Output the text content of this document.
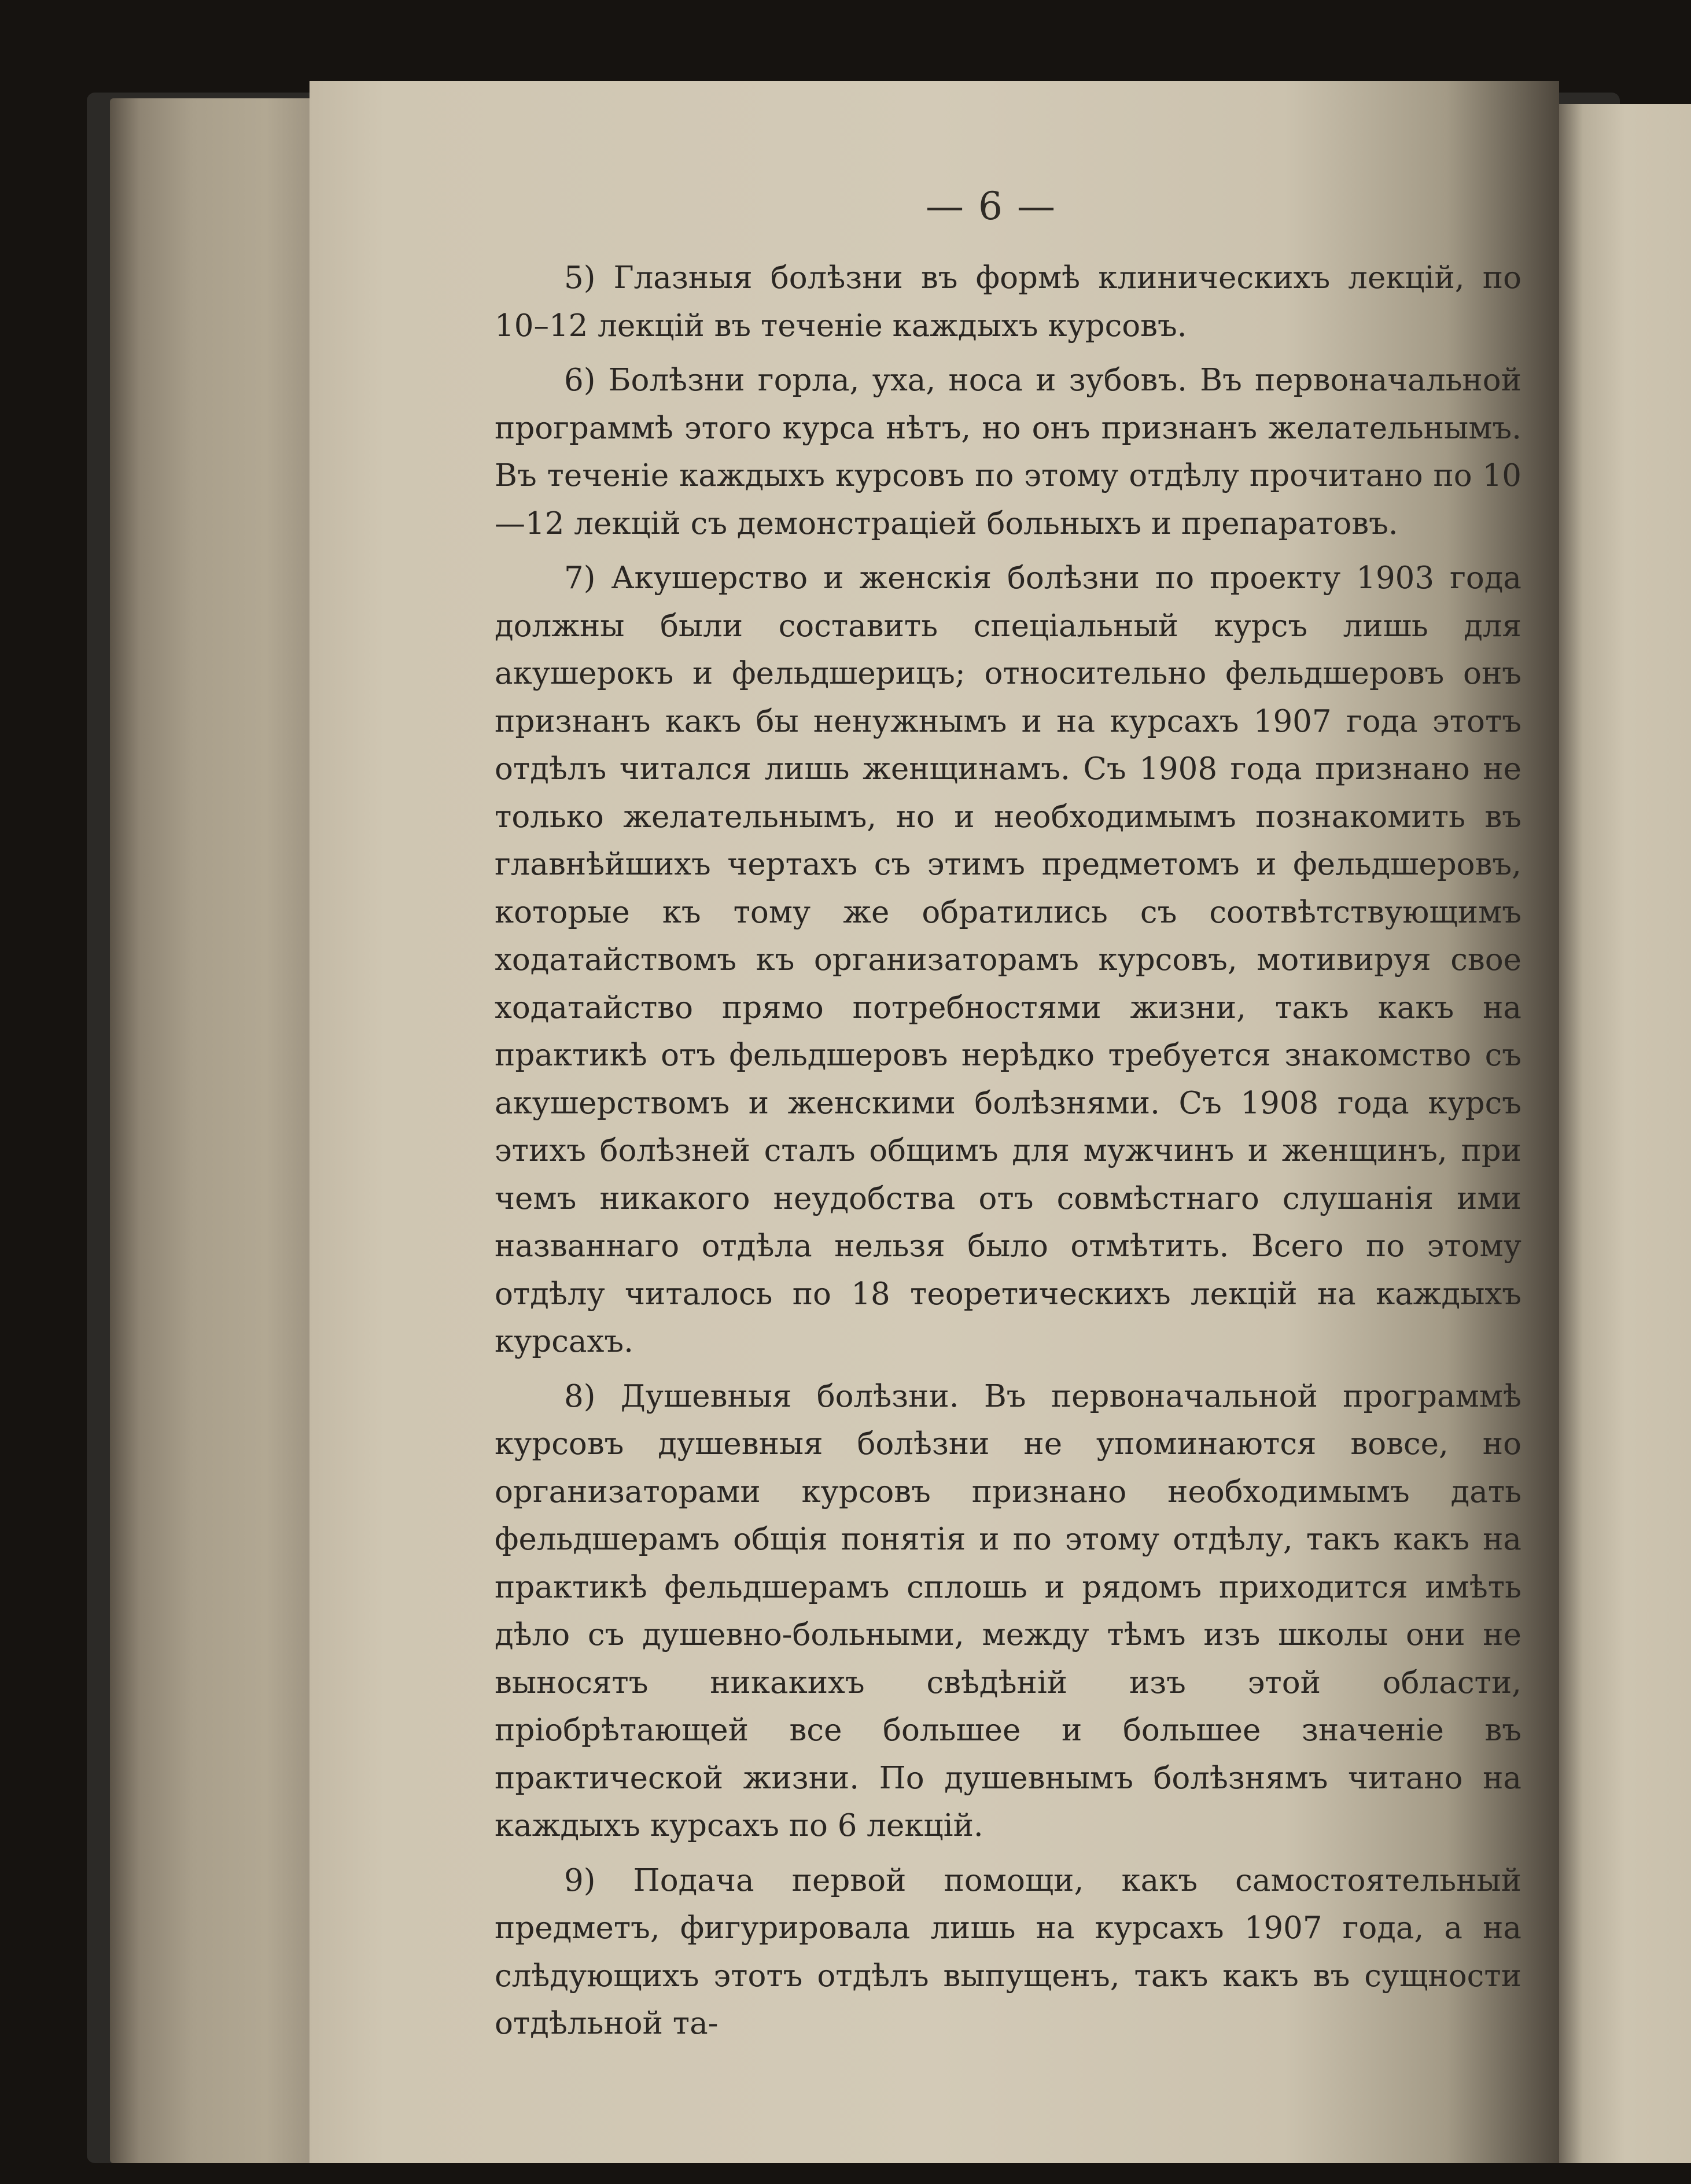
— 6 —

5) Глазныя болѣзни въ формѣ клиническихъ лекцій, по 10–12 лекцій въ теченіе каждыхъ курсовъ.

6) Болѣзни горла, уха, носа и зубовъ. Въ первоначальной программѣ этого курса нѣтъ, но онъ признанъ желательнымъ. Въ теченіе каждыхъ курсовъ по этому отдѣлу прочитано по 10—12 лекцій съ демонстраціей больныхъ и препаратовъ.

7) Акушерство и женскія болѣзни по проекту 1903 года должны были составить спеціальный курсъ лишь для акушерокъ и фельдшерицъ; относительно фельдшеровъ онъ признанъ какъ бы ненужнымъ и на курсахъ 1907 года этотъ отдѣлъ читался лишь женщинамъ. Съ 1908 года признано не только желательнымъ, но и необходимымъ познакомить въ главнѣйшихъ чертахъ съ этимъ предметомъ и фельдшеровъ, которые къ тому же обратились съ соотвѣтствующимъ ходатайствомъ къ организаторамъ курсовъ, мотивируя свое ходатайство прямо потребностями жизни, такъ какъ на практикѣ отъ фельдшеровъ нерѣдко требуется знакомство съ акушерствомъ и женскими болѣзнями. Съ 1908 года курсъ этихъ болѣзней сталъ общимъ для мужчинъ и женщинъ, при чемъ никакого неудобства отъ совмѣстнаго слушанія ими названнаго отдѣла нельзя было отмѣтить. Всего по этому отдѣлу читалось по 18 теоретическихъ лекцій на каждыхъ курсахъ.

8) Душевныя болѣзни. Въ первоначальной программѣ курсовъ душевныя болѣзни не упоминаются вовсе, но организаторами курсовъ признано необходимымъ дать фельдшерамъ общія понятія и по этому отдѣлу, такъ какъ на практикѣ фельдшерамъ сплошь и рядомъ приходится имѣть дѣло съ душевно-больными, между тѣмъ изъ школы они не выносятъ никакихъ свѣдѣній изъ этой области, пріобрѣтающей все большее и большее значеніе въ практической жизни. По душевнымъ болѣзнямъ читано на каждыхъ курсахъ по 6 лекцій.

9) Подача первой помощи, какъ самостоятельный предметъ, фигурировала лишь на курсахъ 1907 года, а на слѣдующихъ этотъ отдѣлъ выпущенъ, такъ какъ въ сущности отдѣльной та-
